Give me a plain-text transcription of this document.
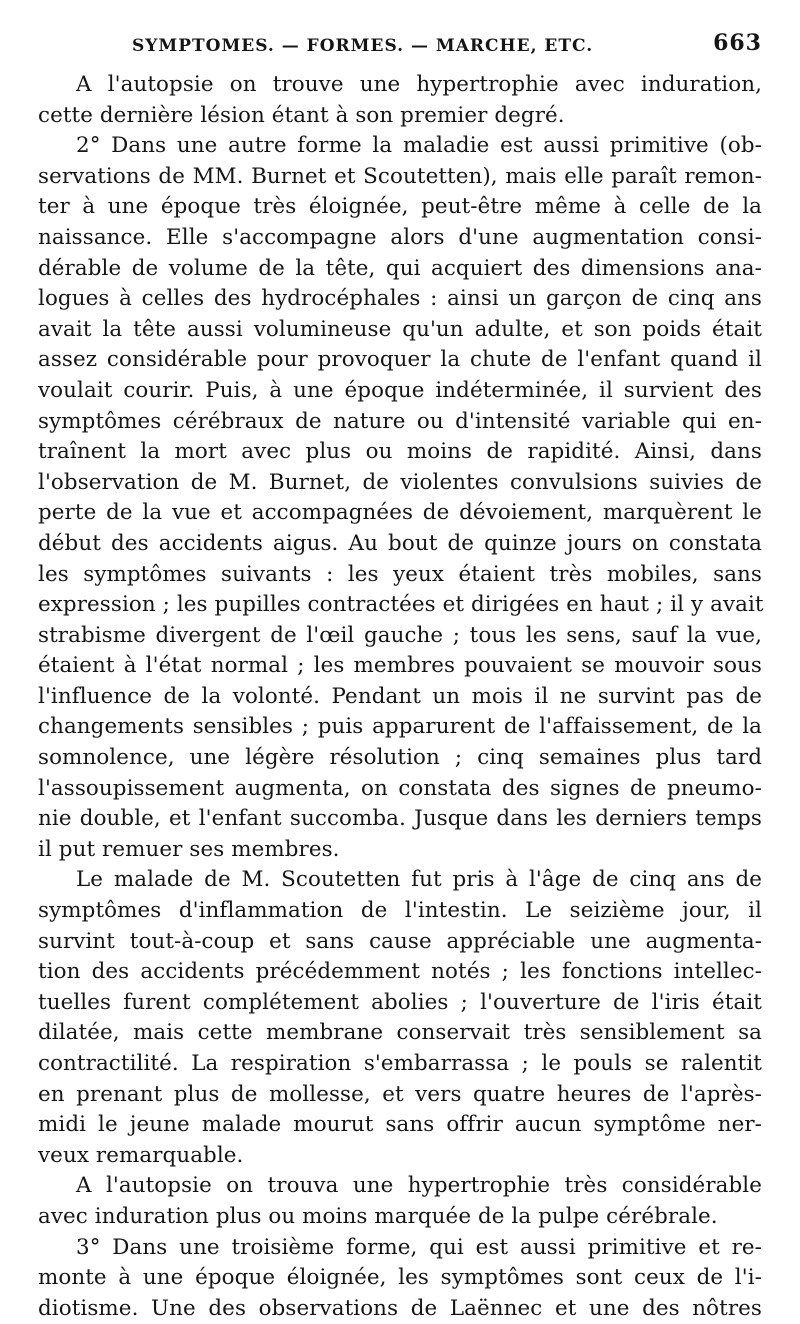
SYMPTOMES. — FORMES. — MARCHE, ETC.	663

A l'autopsie on trouve une hypertrophie avec induration,
cette dernière lésion étant à son premier degré.

2° Dans une autre forme la maladie est aussi primitive (ob-
servations de MM. Burnet et Scoutetten), mais elle paraît remon-
ter à une époque très éloignée, peut-être même à celle de la
naissance. Elle s'accompagne alors d'une augmentation consi-
dérable de volume de la tête, qui acquiert des dimensions ana-
logues à celles des hydrocéphales : ainsi un garçon de cinq ans
avait la tête aussi volumineuse qu'un adulte, et son poids était
assez considérable pour provoquer la chute de l'enfant quand il
voulait courir. Puis, à une époque indéterminée, il survient des
symptômes cérébraux de nature ou d'intensité variable qui en-
traînent la mort avec plus ou moins de rapidité. Ainsi, dans
l'observation de M. Burnet, de violentes convulsions suivies de
perte de la vue et accompagnées de dévoiement, marquèrent le
début des accidents aigus. Au bout de quinze jours on constata
les symptômes suivants : les yeux étaient très mobiles, sans
expression ; les pupilles contractées et dirigées en haut ; il y avait
strabisme divergent de l'œil gauche ; tous les sens, sauf la vue,
étaient à l'état normal ; les membres pouvaient se mouvoir sous
l'influence de la volonté. Pendant un mois il ne survint pas de
changements sensibles ; puis apparurent de l'affaissement, de la
somnolence, une légère résolution ; cinq semaines plus tard
l'assoupissement augmenta, on constata des signes de pneumo-
nie double, et l'enfant succomba. Jusque dans les derniers temps
il put remuer ses membres.

Le malade de M. Scoutetten fut pris à l'âge de cinq ans de
symptômes d'inflammation de l'intestin. Le seizième jour, il
survint tout-à-coup et sans cause appréciable une augmenta-
tion des accidents précédemment notés ; les fonctions intellec-
tuelles furent complétement abolies ; l'ouverture de l'iris était
dilatée, mais cette membrane conservait très sensiblement sa
contractilité. La respiration s'embarrassa ; le pouls se ralentit
en prenant plus de mollesse, et vers quatre heures de l'après-
midi le jeune malade mourut sans offrir aucun symptôme ner-
veux remarquable.

A l'autopsie on trouva une hypertrophie très considérable
avec induration plus ou moins marquée de la pulpe cérébrale.

3° Dans une troisième forme, qui est aussi primitive et re-
monte à une époque éloignée, les symptômes sont ceux de l'i-
diotisme. Une des observations de Laënnec et une des nôtres
